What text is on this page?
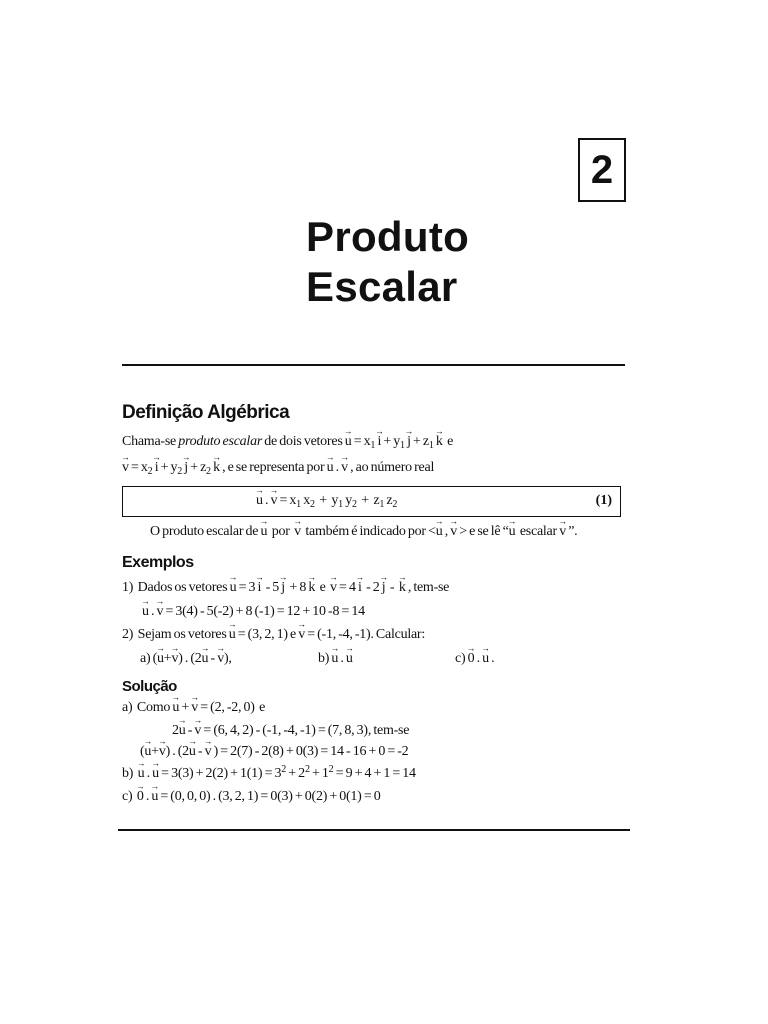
2
Produto
Escalar
Definição Algébrica
Chama-se produto escalar de dois vetores → $u = x_1 \to i + y_1 \to j + z_1 \to k$  e
→ $v = x_2 \to i + y_2 \to j + z_2 \to k$ , e se representa por → u . → v , ao número real
→ u . → $v = x_1$ $x_2 + y_1$ $y_2 + z_1$ $z_2$	(1)
O produto escalar de → u  por  → v  também é indicado por <→ u , → v > e se lê “→ u  escalar → v ”.
Exemplos
1)  Dados os vetores → u = 3 → i  - 5 → j  + 8 → k  e  → v = 4 → i  - 2 → j  -  → k , tem-se
→ u . → v = 3(4) - 5(-2) + 8 (-1) = 12 + 10 -8 = 14
2)  Sejam os vetores → u = (3, 2, 1) e → v = (-1, -4, -1). Calcular:
a) (→ u+→ v) . (2→ u - → v),	b) → u . → u	c) → 0 . → u .
Solução
a)  Como → u + → v = (2, -2, 0)  e
2→ u - → v = (6, 4, 2) - (-1, -4, -1) = (7, 8, 3), tem-se
(→ u+→ v) . (2→ u - → v ) = 2(7) - 2(8) + 0(3) = 14 - 16 + 0 = -2
b)  → u . → $u = 3(3) + 2(2) + 1(1) = 3^2 + 2^2 + 1^2 = 9 + 4 + 1 = 14$
c)  → 0 . → u = (0, 0, 0) . (3, 2, 1) = 0(3) + 0(2) + 0(1) = 0
